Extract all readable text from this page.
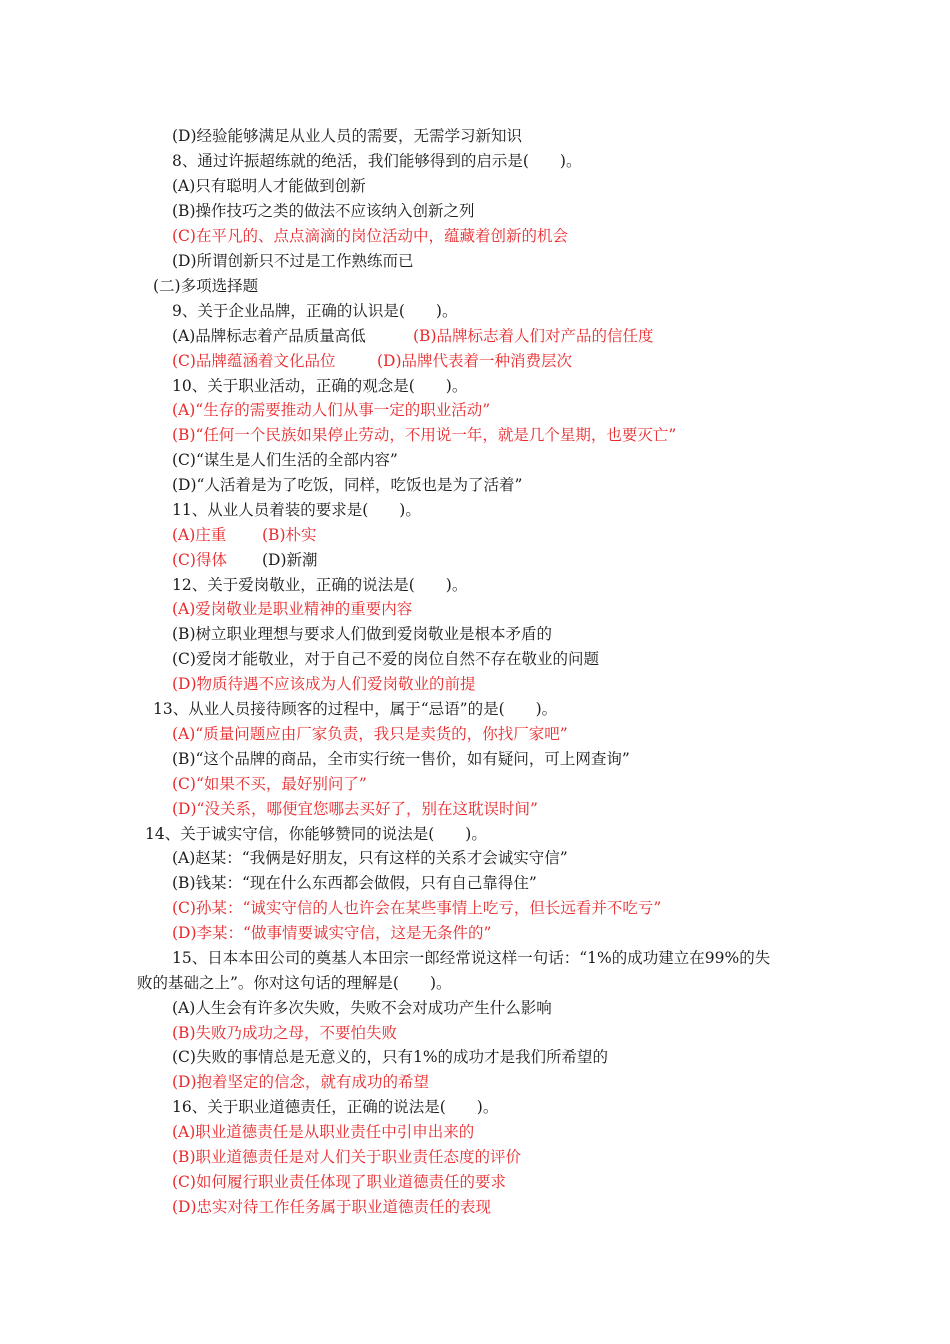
(D)经验能够满足从业人员的需要，无需学习新知识
8、通过许振超练就的绝活，我们能够得到的启示是(　　)。
(A)只有聪明人才能做到创新
(B)操作技巧之类的做法不应该纳入创新之列
(C)在平凡的、点点滴滴的岗位活动中，蕴藏着创新的机会
(D)所谓创新只不过是工作熟练而已
(二)多项选择题
9、关于企业品牌，正确的认识是(　　)。
(A)品牌标志着产品质量高低	(B)品牌标志着人们对产品的信任度
(C)品牌蕴涵着文化品位	(D)品牌代表着一种消费层次
10、关于职业活动，正确的观念是(　　)。
(A)“生存的需要推动人们从事一定的职业活动”
(B)“任何一个民族如果停止劳动，不用说一年，就是几个星期，也要灭亡”
(C)“谋生是人们生活的全部内容”
(D)“人活着是为了吃饭，同样，吃饭也是为了活着”
11、从业人员着装的要求是(　　)。
(A)庄重 (B)朴实
(C)得体 (D)新潮
12、关于爱岗敬业，正确的说法是(　　)。
(A)爱岗敬业是职业精神的重要内容
(B)树立职业理想与要求人们做到爱岗敬业是根本矛盾的
(C)爱岗才能敬业，对于自己不爱的岗位自然不存在敬业的问题
(D)物质待遇不应该成为人们爱岗敬业的前提
13、从业人员接待顾客的过程中，属于“忌语”的是(　　)。
(A)“质量问题应由厂家负责，我只是卖货的，你找厂家吧”
(B)“这个品牌的商品，全市实行统一售价，如有疑问，可上网查询”
(C)“如果不买，最好别问了”
(D)“没关系，哪便宜您哪去买好了，别在这耽误时间”
14、关于诚实守信，你能够赞同的说法是(　　)。
(A)赵某：“我俩是好朋友，只有这样的关系才会诚实守信”
(B)钱某：“现在什么东西都会做假，只有自己靠得住”
(C)孙某：“诚实守信的人也许会在某些事情上吃亏，但长远看并不吃亏”
(D)李某：“做事情要诚实守信，这是无条件的”
15、日本本田公司的奠基人本田宗一郎经常说这样一句话：“1%的成功建立在99%的失
败的基础之上”。你对这句话的理解是(　　)。
(A)人生会有许多次失败，失败不会对成功产生什么影响
(B)失败乃成功之母，不要怕失败
(C)失败的事情总是无意义的，只有1%的成功才是我们所希望的
(D)抱着坚定的信念，就有成功的希望
16、关于职业道德责任，正确的说法是(　　)。
(A)职业道德责任是从职业责任中引申出来的
(B)职业道德责任是对人们关于职业责任态度的评价
(C)如何履行职业责任体现了职业道德责任的要求
(D)忠实对待工作任务属于职业道德责任的表现
